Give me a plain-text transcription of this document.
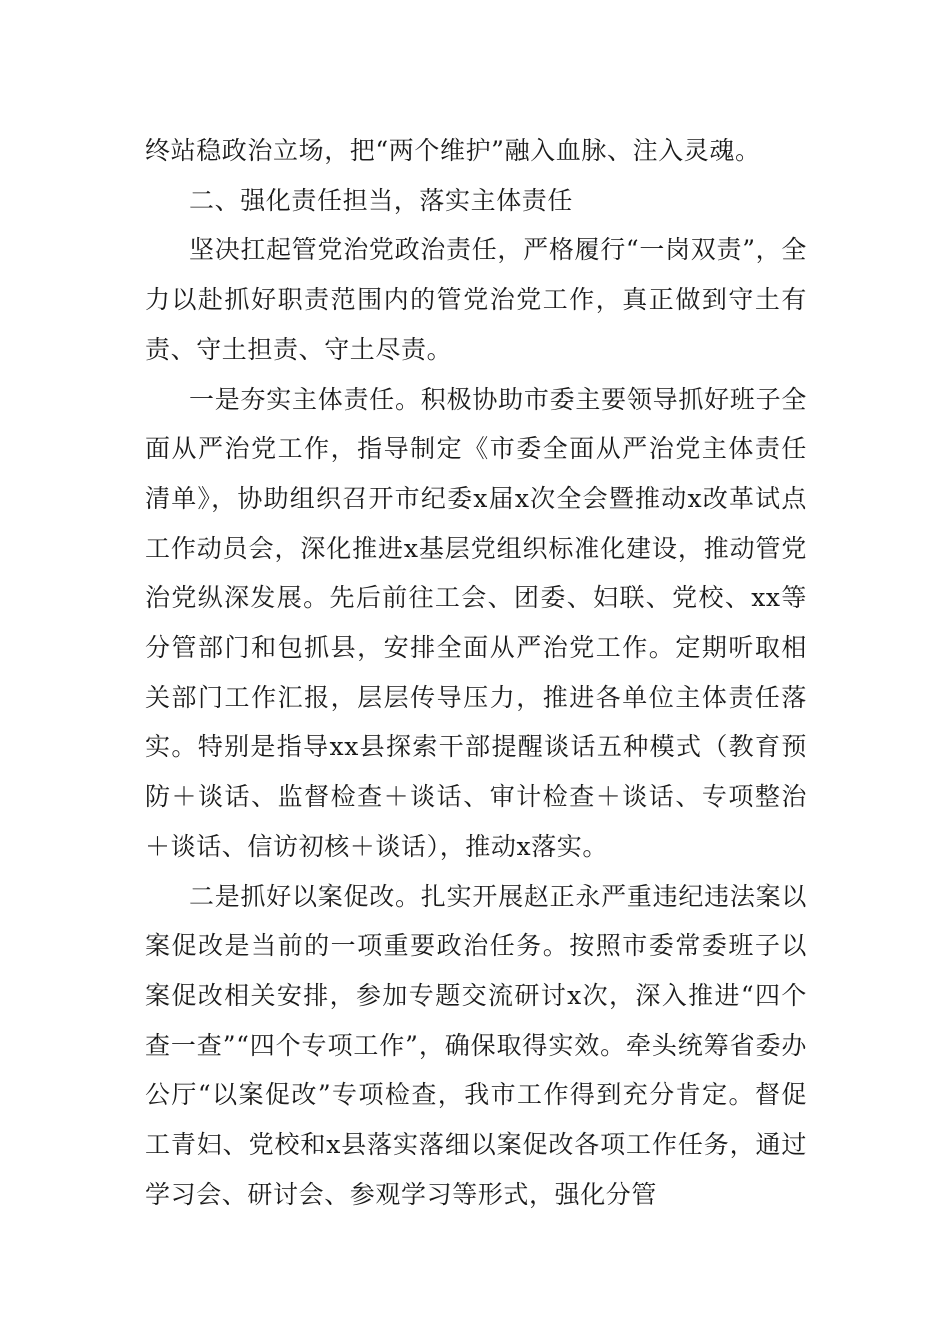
终站稳政治立场，把“两个维护”融入血脉、注入灵魂。

二、强化责任担当，落实主体责任

坚决扛起管党治党政治责任，严格履行“一岗双责”，全力以赴抓好职责范围内的管党治党工作，真正做到守土有责、守土担责、守土尽责。

一是夯实主体责任。积极协助市委主要领导抓好班子全面从严治党工作，指导制定《市委全面从严治党主体责任清单》，协助组织召开市纪委x届x次全会暨推动x改革试点工作动员会，深化推进x基层党组织标准化建设，推动管党治党纵深发展。先后前往工会、团委、妇联、党校、xx等分管部门和包抓县，安排全面从严治党工作。定期听取相关部门工作汇报，层层传导压力，推进各单位主体责任落实。特别是指导xx县探索干部提醒谈话五种模式（教育预防＋谈话、监督检查＋谈话、审计检查＋谈话、专项整治＋谈话、信访初核＋谈话），推动x落实。

二是抓好以案促改。扎实开展赵正永严重违纪违法案以案促改是当前的一项重要政治任务。按照市委常委班子以案促改相关安排，参加专题交流研讨x次，深入推进“四个查一查”“四个专项工作”，确保取得实效。牵头统筹省委办公厅“以案促改”专项检查，我市工作得到充分肯定。督促工青妇、党校和x县落实落细以案促改各项工作任务，通过学习会、研讨会、参观学习等形式，强化分管
